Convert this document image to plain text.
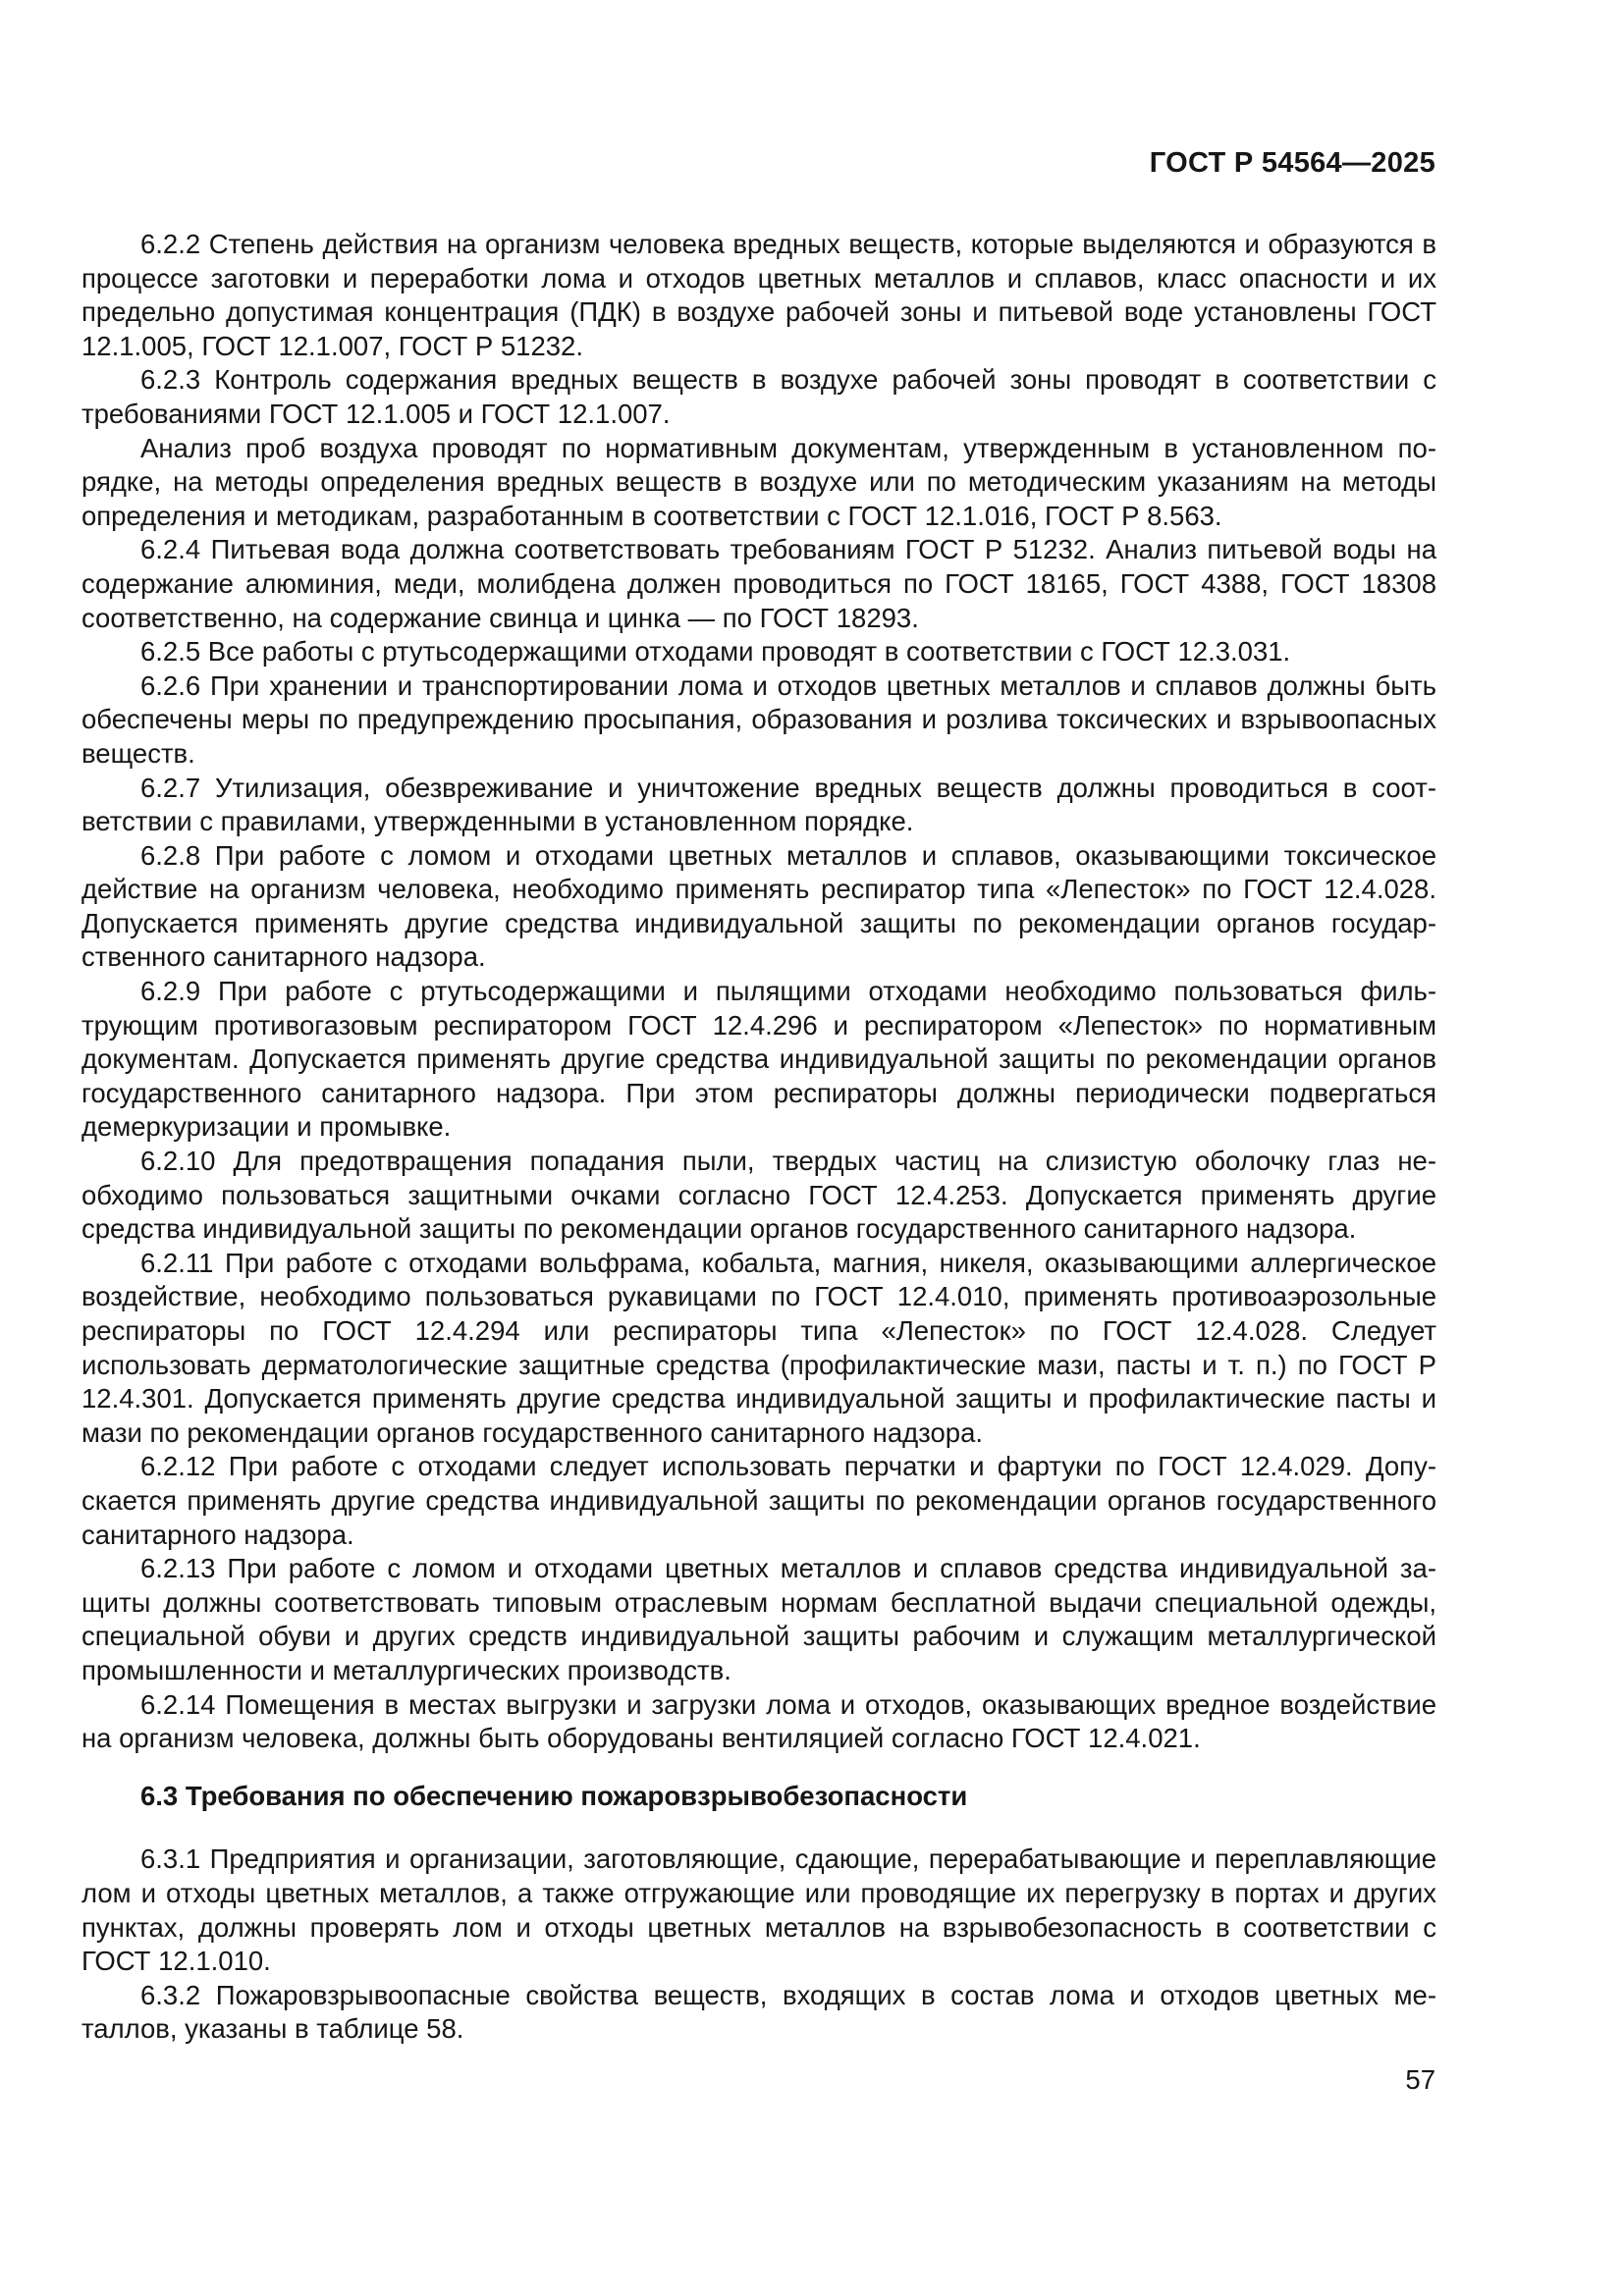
ГОСТ Р 54564—2025

6.2.2 Степень действия на организм человека вредных веществ, которые выделяются и образуются в процессе заготовки и переработки лома и отходов цветных металлов и сплавов, класс опасности и их предельно допустимая концентрация (ПДК) в воздухе рабочей зоны и питьевой воде установлены ГОСТ 12.1.005, ГОСТ 12.1.007, ГОСТ Р 51232.

6.2.3 Контроль содержания вредных веществ в воздухе рабочей зоны проводят в соответствии с требованиями ГОСТ 12.1.005 и ГОСТ 12.1.007.

Анализ проб воздуха проводят по нормативным документам, утвержденным в установленном порядке, на методы определения вредных веществ в воздухе или по методическим указаниям на методы определения и методикам, разработанным в соответствии с ГОСТ 12.1.016, ГОСТ Р 8.563.

6.2.4 Питьевая вода должна соответствовать требованиям ГОСТ Р 51232. Анализ питьевой воды на содержание алюминия, меди, молибдена должен проводиться по ГОСТ 18165, ГОСТ 4388, ГОСТ 18308 соответственно, на содержание свинца и цинка — по ГОСТ 18293.

6.2.5 Все работы с ртутьсодержащими отходами проводят в соответствии с ГОСТ 12.3.031.

6.2.6 При хранении и транспортировании лома и отходов цветных металлов и сплавов должны быть обеспечены меры по предупреждению просыпания, образования и розлива токсических и взрывоопасных веществ.

6.2.7 Утилизация, обезвреживание и уничтожение вредных веществ должны проводиться в соответствии с правилами, утвержденными в установленном порядке.

6.2.8 При работе с ломом и отходами цветных металлов и сплавов, оказывающими токсическое действие на организм человека, необходимо применять респиратор типа «Лепесток» по ГОСТ 12.4.028. Допускается применять другие средства индивидуальной защиты по рекомендации органов государственного санитарного надзора.

6.2.9 При работе с ртутьсодержащими и пылящими отходами необходимо пользоваться фильтрующим противогазовым респиратором ГОСТ 12.4.296 и респиратором «Лепесток» по нормативным документам. Допускается применять другие средства индивидуальной защиты по рекомендации органов государственного санитарного надзора. При этом респираторы должны периодически подвергаться демеркуризации и промывке.

6.2.10 Для предотвращения попадания пыли, твердых частиц на слизистую оболочку глаз необходимо пользоваться защитными очками согласно ГОСТ 12.4.253. Допускается применять другие средства индивидуальной защиты по рекомендации органов государственного санитарного надзора.

6.2.11 При работе с отходами вольфрама, кобальта, магния, никеля, оказывающими аллергическое воздействие, необходимо пользоваться рукавицами по ГОСТ 12.4.010, применять противоаэрозольные респираторы по ГОСТ 12.4.294 или респираторы типа «Лепесток» по ГОСТ 12.4.028. Следует использовать дерматологические защитные средства (профилактические мази, пасты и т. п.) по ГОСТ Р 12.4.301. Допускается применять другие средства индивидуальной защиты и профилактические пасты и мази по рекомендации органов государственного санитарного надзора.

6.2.12 При работе с отходами следует использовать перчатки и фартуки по ГОСТ 12.4.029. Допускается применять другие средства индивидуальной защиты по рекомендации органов государственного санитарного надзора.

6.2.13 При работе с ломом и отходами цветных металлов и сплавов средства индивидуальной защиты должны соответствовать типовым отраслевым нормам бесплатной выдачи специальной одежды, специальной обуви и других средств индивидуальной защиты рабочим и служащим металлургической промышленности и металлургических производств.

6.2.14 Помещения в местах выгрузки и загрузки лома и отходов, оказывающих вредное воздействие на организм человека, должны быть оборудованы вентиляцией согласно ГОСТ 12.4.021.

6.3 Требования по обеспечению пожаровзрывобезопасности

6.3.1 Предприятия и организации, заготовляющие, сдающие, перерабатывающие и переплавляющие лом и отходы цветных металлов, а также отгружающие или проводящие их перегрузку в портах и других пунктах, должны проверять лом и отходы цветных металлов на взрывобезопасность в соответствии с ГОСТ 12.1.010.

6.3.2 Пожаровзрывоопасные свойства веществ, входящих в состав лома и отходов цветных металлов, указаны в таблице 58.

57
